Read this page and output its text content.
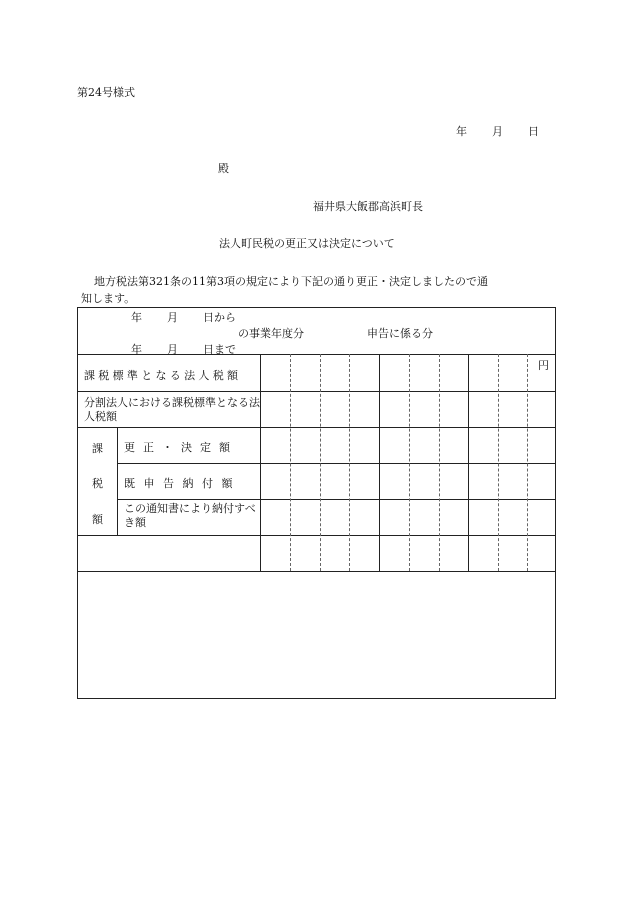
第24号様式
年 月 日
殿
福井県大飯郡高浜町長
法人町民税の更正又は決定について
地方税法第321条の11第3項の規定により下記の通り更正・決定しましたので通
知します。
年 月 日から
の事業年度分	申告に係る分
年 月 日まで
課税標準となる法人税額
分割法人における課税標準となる法人税額
課
税
額
更正・決定額
既申告納付額
この通知書により納付すべき額
円
